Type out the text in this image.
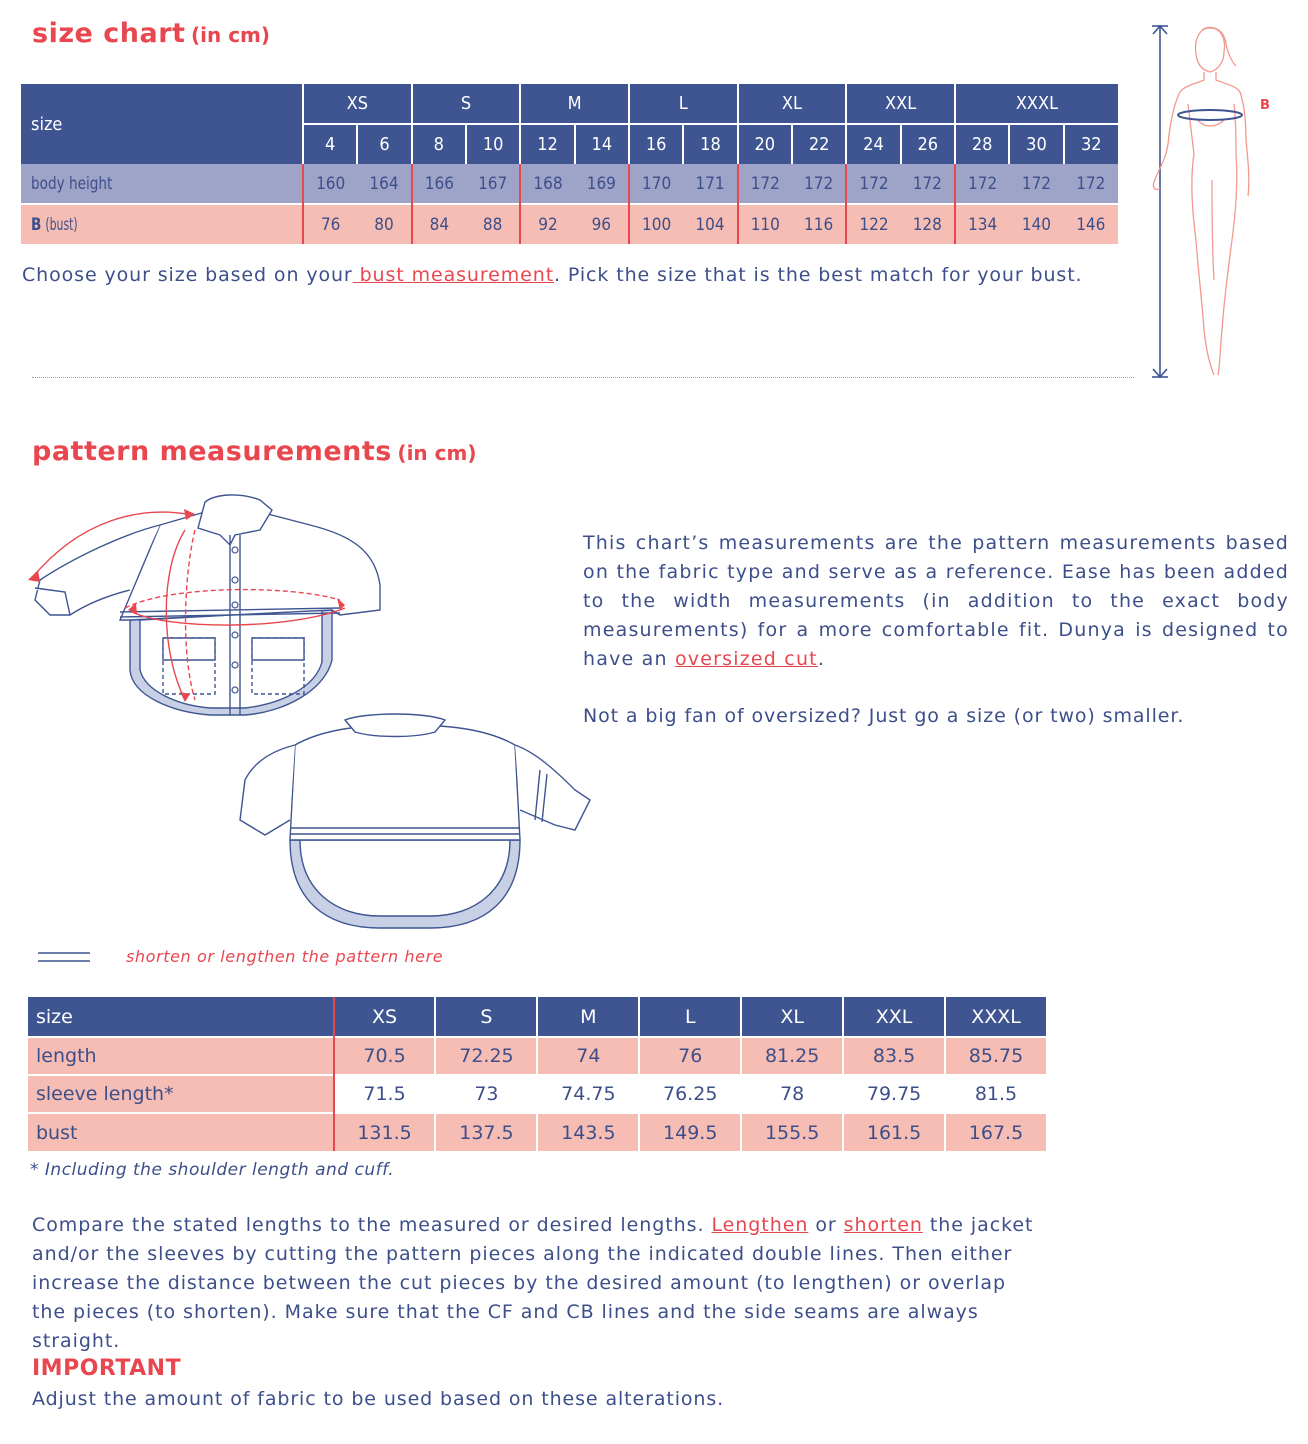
size chart (in cm)
size	XS		S		M		L		XL		XXL		XXXL		
	4	6	8	10	12	14	16	18	20	22	24	26	28	30	32
body height	160	164	166	167	168	169	170	171	172	172	172	172	172	172	172
B (bust)	76	80	84	88	92	96	100	104	110	116	122	128	134	140	146
Choose your size based on your bust measurement. Pick the size that is the best match for your bust.
B
pattern measurements (in cm)
shorten or lengthen the pattern here
This chart’s measurements are the pattern measurements based on the fabric type and serve as a reference. Ease has been added to the width measurements (in addition to the exact body measurements) for a more comfortable fit. Dunya is designed to have an oversized cut.
Not a big fan of oversized? Just go a size (or two) smaller.
size	XS	S	M	L	XL	XXL	XXXL
length	70.5	72.25	74	76	81.25	83.5	85.75
sleeve length*	71.5	73	74.75	76.25	78	79.75	81.5
bust	131.5	137.5	143.5	149.5	155.5	161.5	167.5
* Including the shoulder length and cuff.
Compare the stated lengths to the measured or desired lengths. Lengthen or shorten the jacket and/or the sleeves by cutting the pattern pieces along the indicated double lines. Then either increase the distance between the cut pieces by the desired amount (to lengthen) or overlap the pieces (to shorten). Make sure that the CF and CB lines and the side seams are always straight.
IMPORTANT
Adjust the amount of fabric to be used based on these alterations.
